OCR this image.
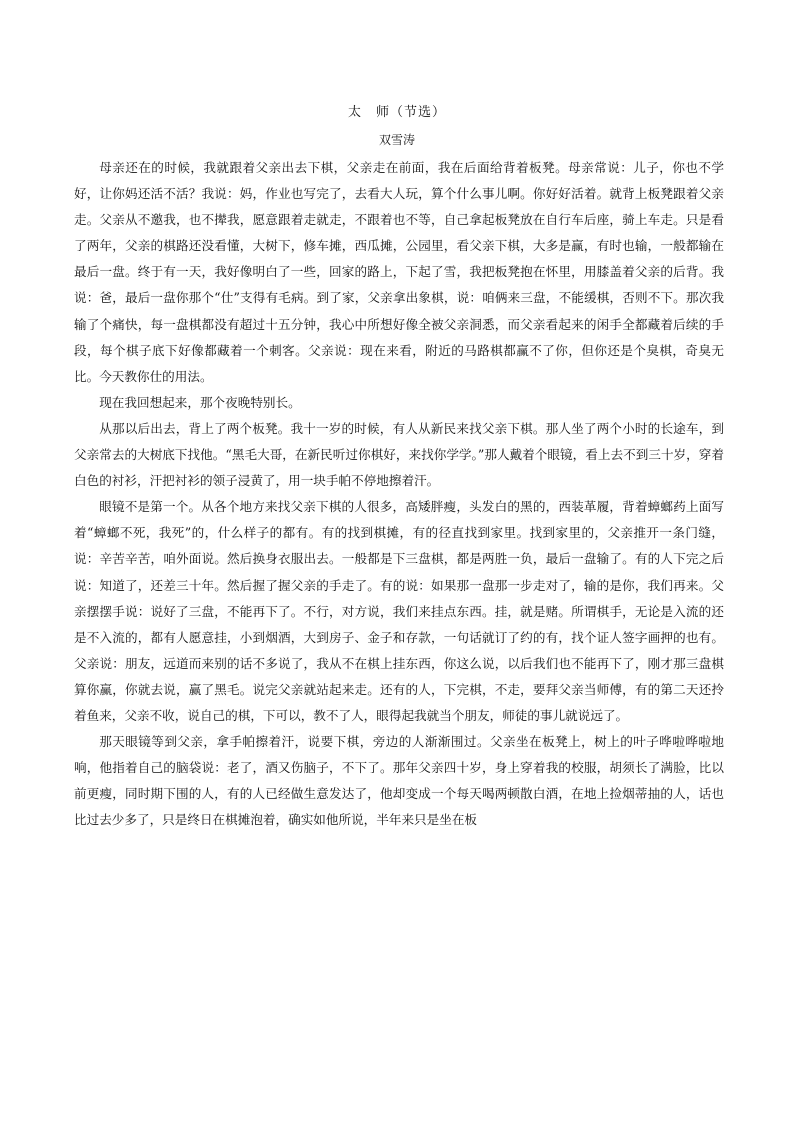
太　师（节选）
双雪涛

母亲还在的时候，我就跟着父亲出去下棋，父亲走在前面，我在后面给背着板凳。母亲常说：儿子，你也不学好，让你妈还活不活？我说：妈，作业也写完了，去看大人玩，算个什么事儿啊。你好好活着。就背上板凳跟着父亲走。父亲从不邀我，也不撵我，愿意跟着走就走，不跟着也不等，自己拿起板凳放在自行车后座，骑上车走。只是看了两年，父亲的棋路还没看懂，大树下，修车摊，西瓜摊，公园里，看父亲下棋，大多是赢，有时也输，一般都输在最后一盘。终于有一天，我好像明白了一些，回家的路上，下起了雪，我把板凳抱在怀里，用膝盖着父亲的后背。我说：爸，最后一盘你那个“仕”支得有毛病。到了家，父亲拿出象棋，说：咱俩来三盘，不能缓棋，否则不下。那次我输了个痛快，每一盘棋都没有超过十五分钟，我心中所想好像全被父亲洞悉，而父亲看起来的闲手全都藏着后续的手段，每个棋子底下好像都藏着一个刺客。父亲说：现在来看，附近的马路棋都赢不了你，但你还是个臭棋，奇臭无比。今天教你仕的用法。

现在我回想起来，那个夜晚特别长。

从那以后出去，背上了两个板凳。我十一岁的时候，有人从新民来找父亲下棋。那人坐了两个小时的长途车，到父亲常去的大树底下找他。“黑毛大哥，在新民听过你棋好，来找你学学。”那人戴着个眼镜，看上去不到三十岁，穿着白色的衬衫，汗把衬衫的领子浸黄了，用一块手帕不停地擦着汗。

眼镜不是第一个。从各个地方来找父亲下棋的人很多，高矮胖瘦，头发白的黑的，西装革履，背着蟑螂药上面写着“蟑螂不死，我死”的，什么样子的都有。有的找到棋摊，有的径直找到家里。找到家里的，父亲推开一条门缝，说：辛苦辛苦，咱外面说。然后换身衣服出去。一般都是下三盘棋，都是两胜一负，最后一盘输了。有的人下完之后说：知道了，还差三十年。然后握了握父亲的手走了。有的说：如果那一盘那一步走对了，输的是你，我们再来。父亲摆摆手说：说好了三盘，不能再下了。不行，对方说，我们来挂点东西。挂，就是赌。所谓棋手，无论是入流的还是不入流的，都有人愿意挂，小到烟酒，大到房子、金子和存款，一句话就订了约的有，找个证人签字画押的也有。父亲说：朋友，远道而来别的话不多说了，我从不在棋上挂东西，你这么说，以后我们也不能再下了，刚才那三盘棋算你赢，你就去说，赢了黑毛。说完父亲就站起来走。还有的人，下完棋，不走，要拜父亲当师傅，有的第二天还拎着鱼来，父亲不收，说自己的棋，下可以，教不了人，眼得起我就当个朋友，师徒的事儿就说远了。

那天眼镜等到父亲，拿手帕擦着汗，说要下棋，旁边的人渐渐围过。父亲坐在板凳上，树上的叶子哗啦哗啦地响，他指着自己的脑袋说：老了，酒又伤脑子，不下了。那年父亲四十岁，身上穿着我的校服，胡须长了满脸，比以前更瘦，同时期下围的人，有的人已经做生意发达了，他却变成一个每天喝两顿散白酒，在地上捡烟蒂抽的人，话也比过去少多了，只是终日在棋摊泡着，确实如他所说，半年来只是坐在板
